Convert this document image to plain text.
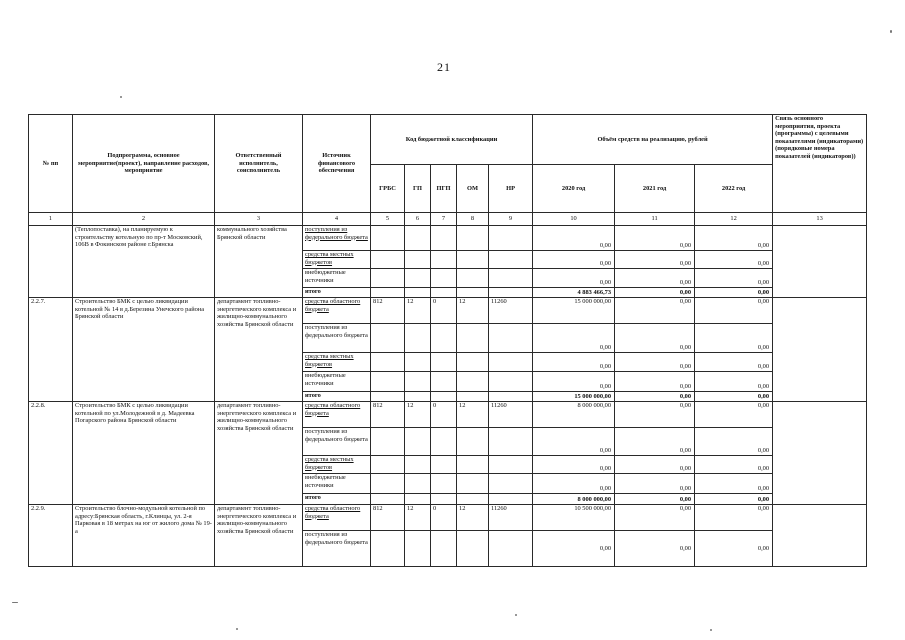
21
№ пп	Подпрограмма, основное мероприятие(проект), направление расходов, мероприятие	Ответственный исполнитель, соисполнитель	Источник финансового обеспечения	Код бюджетной классификации					Объём средств на реализацию, рублей			Связь основного мероприятия, проекта (программы) с целевыми показателями (индикаторами) (порядковые номера показателей (индикаторов))
				ГРБС	ГП	ПГП	ОМ	НР	2020 год	2021 год	2022 год	
1	2	3	4	5	6	7	8	9	10	11	12	13
	(Теплопоставка), на планируемую к строительству котельную по пр-т Московский, 106В в Фокинском районе г.Брянска	коммунального хозяйства Брянской области	поступления из федерального бюджета						0,00	0,00	0,00	
			средства местных бюджетов						0,00	0,00	0,00	
			внебюджетные источники						0,00	0,00	0,00	
			итого						4 883 466,73	0,00	0,00	
2.2.7.	Строительство БМК с целью ликвидации котельной № 14 в д.Березина Унечского района Брянской области	департамент топливно-энергетического комплекса и жилищно-коммунального хозяйства Брянской области	средства областного бюджета	812	12	0	12	11260	15 000 000,00	0,00	0,00	
			поступления из федерального бюджета						0,00	0,00	0,00	
			средства местных бюджетов						0,00	0,00	0,00	
			внебюджетные источники						0,00	0,00	0,00	
			итого						15 000 000,00	0,00	0,00	
2.2.8.	Строительство БМК с целью ликвидации котельной по ул.Молодежной в д. Мадеевка Погарского района Брянской области	департамент топливно-энергетического комплекса и жилищно-коммунального хозяйства Брянской области	средства областного бюджета	812	12	0	12	11260	8 000 000,00	0,00	0,00	
			поступления из федерального бюджета						0,00	0,00	0,00	
			средства местных бюджетов						0,00	0,00	0,00	
			внебюджетные источники						0,00	0,00	0,00	
			итого						8 000 000,00	0,00	0,00	
2.2.9.	Строительство блочно-модульной котельной по адресу:Брянская область, г.Клинцы, ул. 2-я Парковая в 18 метрах на юг от жилого дома № 19-а	департамент топливно-энергетического комплекса и жилищно-коммунального хозяйства Брянской области	средства областного бюджета	812	12	0	12	11260	10 500 000,00	0,00	0,00	
			поступления из федерального бюджета						0,00	0,00	0,00	
